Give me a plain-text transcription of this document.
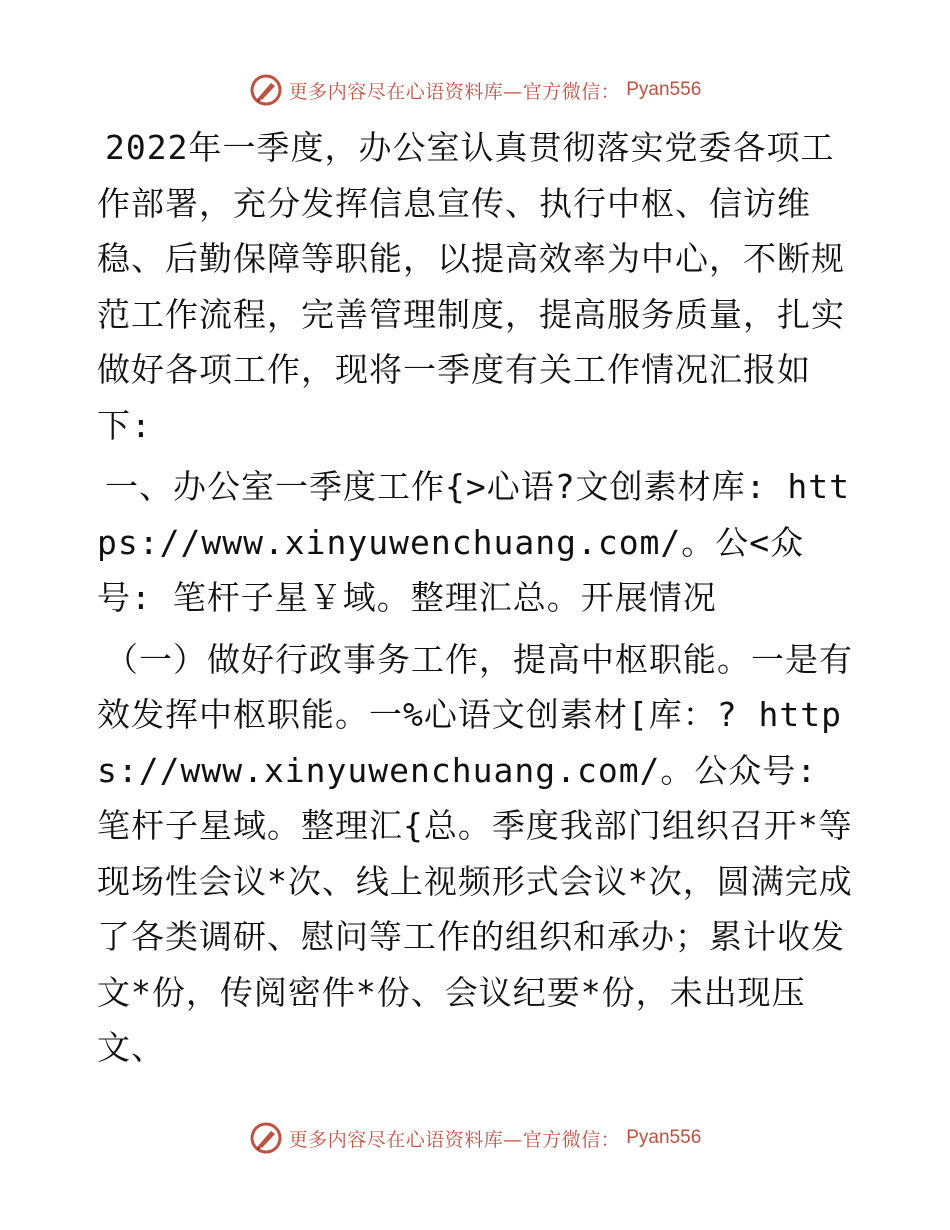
更多内容尽在心语资料库—官方微信： Pyan556

2022年一季度，办公室认真贯彻落实党委各项工作部署，充分发挥信息宣传、执行中枢、信访维稳、后勤保障等职能，以提高效率为中心，不断规范工作流程，完善管理制度，提高服务质量，扎实做好各项工作，现将一季度有关工作情况汇报如下:

一、办公室一季度工作{>心语?文创素材库: https://www.xinyuwenchuang.com/。公<众号: 笔杆子星￥域。整理汇总。开展情况

（一）做好行政事务工作，提高中枢职能。一是有效发挥中枢职能。一%心语文创素材[库：? https://www.xinyuwenchuang.com/。公众号: 笔杆子星域。整理汇{总。季度我部门组织召开*等现场性会议*次、线上视频形式会议*次，圆满完成了各类调研、慰问等工作的组织和承办；累计收发文*份，传阅密件*份、会议纪要*份，未出现压文、

更多内容尽在心语资料库—官方微信： Pyan556
